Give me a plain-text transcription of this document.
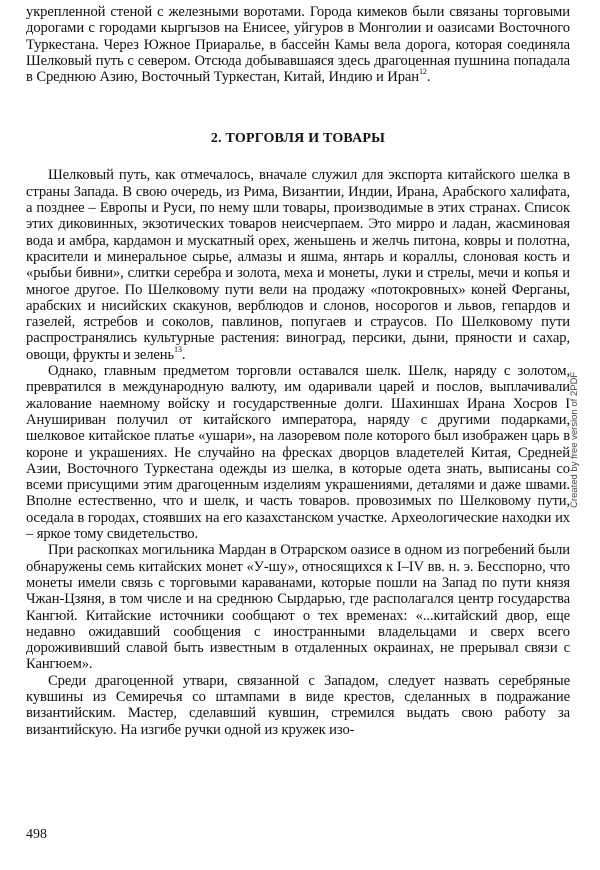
укрепленной стеной с железными воротами. Города кимеков были связаны торговыми дорогами с городами кыргызов на Енисее, уйгуров в Монголии и оазисами Восточного Туркестана. Через Южное Приаралье, в бассейн Камы вела дорога, которая соединяла Шелковый путь с севером. Отсюда добывавшаяся здесь драгоценная пушнина попадала в Среднюю Азию, Восточный Туркестан, Китай, Индию и Иран$^{12}$.

2. ТОРГОВЛЯ И ТОВАРЫ

Шелковый путь, как отмечалось, вначале служил для экспорта китайского шелка в страны Запада. В свою очередь, из Рима, Византии, Индии, Ирана, Арабского халифата, а позднее – Европы и Руси, по нему шли товары, производимые в этих странах. Список этих диковинных, экзотических товаров неисчерпаем. Это мирро и ладан, жасминовая вода и амбра, кардамон и мускатный орех, женьшень и желчь питона, ковры и полотна, красители и минеральное сырье, алмазы и яшма, янтарь и кораллы, слоновая кость и «рыбьи бивни», слитки серебра и золота, меха и монеты, луки и стрелы, мечи и копья и многое другое. По Шелковому пути вели на продажу «потокровных» коней Ферганы, арабских и нисийских скакунов, верблюдов и слонов, носорогов и львов, гепардов и газелей, ястребов и соколов, павлинов, попугаев и страусов. По Шелковому пути распространялись культурные растения: виноград, персики, дыни, пряности и сахар, овощи, фрукты и зелень$^{13}$.

Однако, главным предметом торговли оставался шелк. Шелк, наряду с золотом, превратился в международную валюту, им одаривали царей и послов, выплачивали жалование наемному войску и государственные долги. Шахиншах Ирана Хосров I Анушириван получил от китайского императора, наряду с другими подарками, шелковое китайское платье «ушари», на лазоревом поле которого был изображен царь в короне и украшениях. Не случайно на фресках дворцов владетелей Китая, Средней Азии, Восточного Туркестана одежды из шелка, в которые одета знать, выписаны со всеми присущими этим драгоценным изделиям украшениями, деталями и даже швами. Вполне естественно, что и шелк, и часть товаров. провозимых по Шелковому пути, оседала в городах, стоявших на его казахстанском участке. Археологические находки их – яркое тому свидетельство.

При раскопках могильника Мардан в Отрарском оазисе в одном из погребений были обнаружены семь китайских монет «У-шу», относящихся к I–IV вв. н. э. Бесспорно, что монеты имели связь с торговыми караванами, которые пошли на Запад по пути князя Чжан-Цзяня, в том числе и на среднюю Сырдарью, где располагался центр государства Кангюй. Китайские источники сообщают о тех временах: «...китайский двор, еще недавно ожидавший сообщения с иностранными владельцами и сверх всего дорожививший славой быть известным в отдаленных окраинах, не прерывал связи с Кангюем».

Среди драгоценной утвари, связанной с Западом, следует назвать серебряные кувшины из Семиречья со штампами в виде крестов, сделанных в подражание византийским. Мастер, сделавший кувшин, стремился выдать свою работу за византийскую. На изгибе ручки одной из кружек изо-

498
Created by free version of 2PDF
